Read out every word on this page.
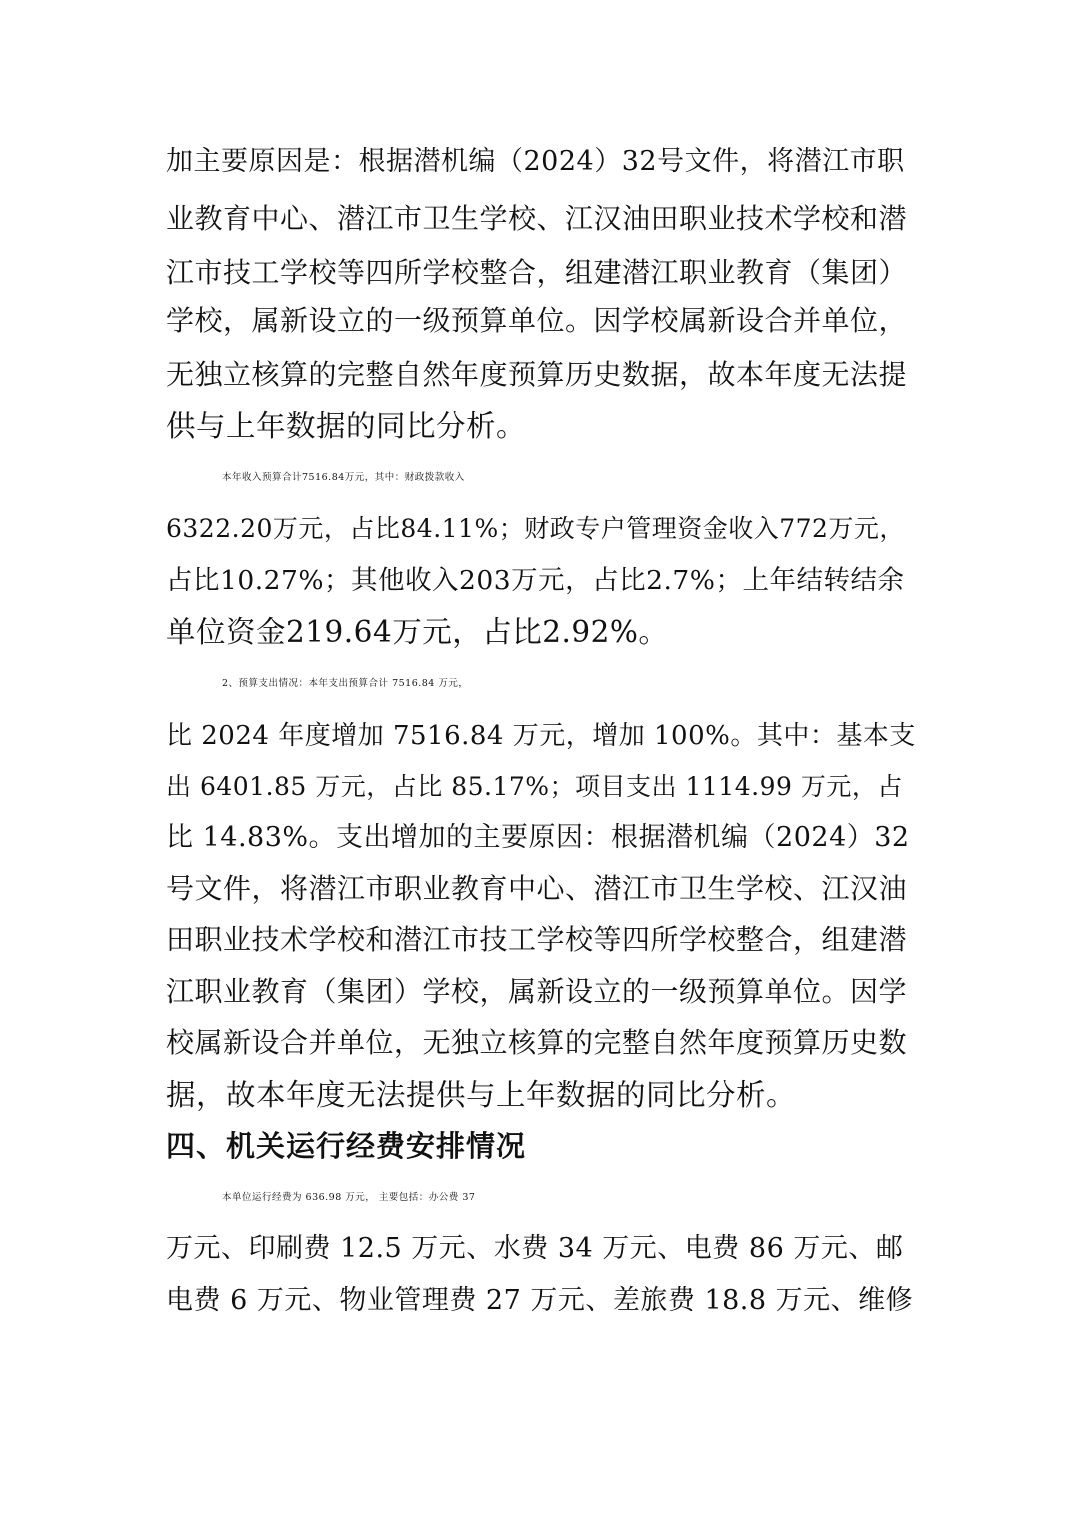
加主要原因是：根据潜机编（2024）32号文件，将潜江市职
业教育中心、潜江市卫生学校、江汉油田职业技术学校和潜
江市技工学校等四所学校整合，组建潜江职业教育（集团）
学校，属新设立的一级预算单位。因学校属新设合并单位，
无独立核算的完整自然年度预算历史数据，故本年度无法提
供与上年数据的同比分析。
本年收入预算合计7516.84万元，其中：财政拨款收入
6322.20万元，占比84.11%；财政专户管理资金收入772万元，
占比10.27%；其他收入203万元，占比2.7%；上年结转结余
单位资金219.64万元，占比2.92%。
2、预算支出情况：本年支出预算合计 7516.84 万元，
比 2024 年度增加 7516.84 万元，增加 100%。其中：基本支
出 6401.85 万元，占比 85.17%；项目支出 1114.99 万元，占
比 14.83%。支出增加的主要原因：根据潜机编（2024）32
号文件，将潜江市职业教育中心、潜江市卫生学校、江汉油
田职业技术学校和潜江市技工学校等四所学校整合，组建潜
江职业教育（集团）学校，属新设立的一级预算单位。因学
校属新设合并单位，无独立核算的完整自然年度预算历史数
据，故本年度无法提供与上年数据的同比分析。
四、机关运行经费安排情况
本单位运行经费为 636.98 万元， 主要包括：办公费 37
万元、印刷费 12.5 万元、水费 34 万元、电费 86 万元、邮
电费 6 万元、物业管理费 27 万元、差旅费 18.8 万元、维修
